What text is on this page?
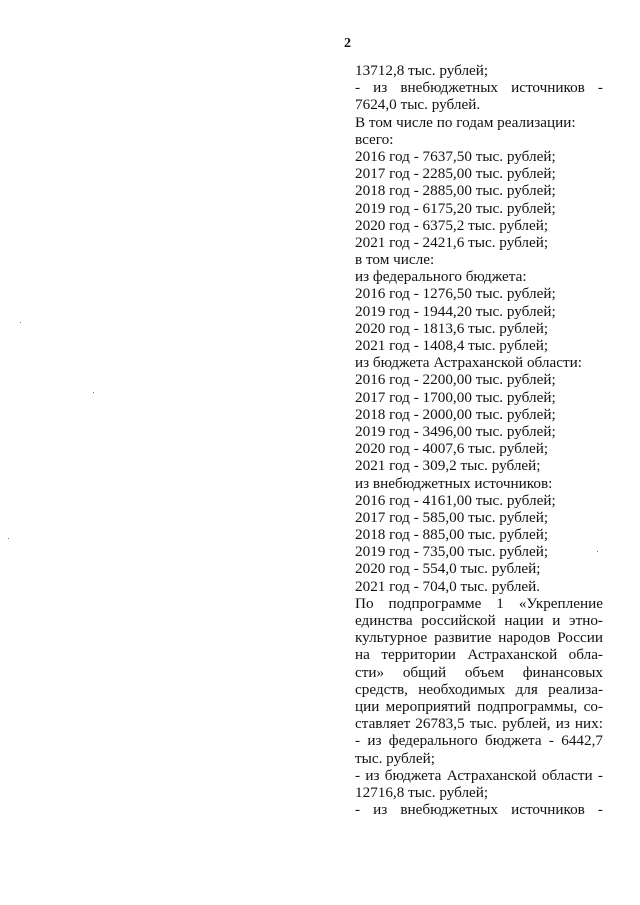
2
13712,8 тыс. рублей;
- из внебюджетных источников -
7624,0 тыс. рублей.
В том числе по годам реализации:
всего:
2016 год - 7637,50 тыс. рублей;
2017 год - 2285,00 тыс. рублей;
2018 год - 2885,00 тыс. рублей;
2019 год - 6175,20 тыс. рублей;
2020 год - 6375,2 тыс. рублей;
2021 год - 2421,6 тыс. рублей;
в том числе:
из федерального бюджета:
2016 год - 1276,50 тыс. рублей;
2019 год - 1944,20 тыс. рублей;
2020 год - 1813,6 тыс. рублей;
2021 год - 1408,4 тыс. рублей;
из бюджета Астраханской области:
2016 год - 2200,00 тыс. рублей;
2017 год - 1700,00 тыс. рублей;
2018 год - 2000,00 тыс. рублей;
2019 год - 3496,00 тыс. рублей;
2020 год - 4007,6 тыс. рублей;
2021 год - 309,2 тыс. рублей;
из внебюджетных источников:
2016 год - 4161,00 тыс. рублей;
2017 год - 585,00 тыс. рублей;
2018 год - 885,00 тыс. рублей;
2019 год - 735,00 тыс. рублей;
2020 год - 554,0 тыс. рублей;
2021 год - 704,0 тыс. рублей.
По подпрограмме 1 «Укрепление
единства российской нации и этно-
культурное развитие народов России
на территории Астраханской обла-
сти» общий объем финансовых
средств, необходимых для реализа-
ции мероприятий подпрограммы, со-
ставляет 26783,5 тыс. рублей, из них:
- из федерального бюджета - 6442,7
тыс. рублей;
- из бюджета Астраханской области -
12716,8 тыс. рублей;
- из внебюджетных источников -
